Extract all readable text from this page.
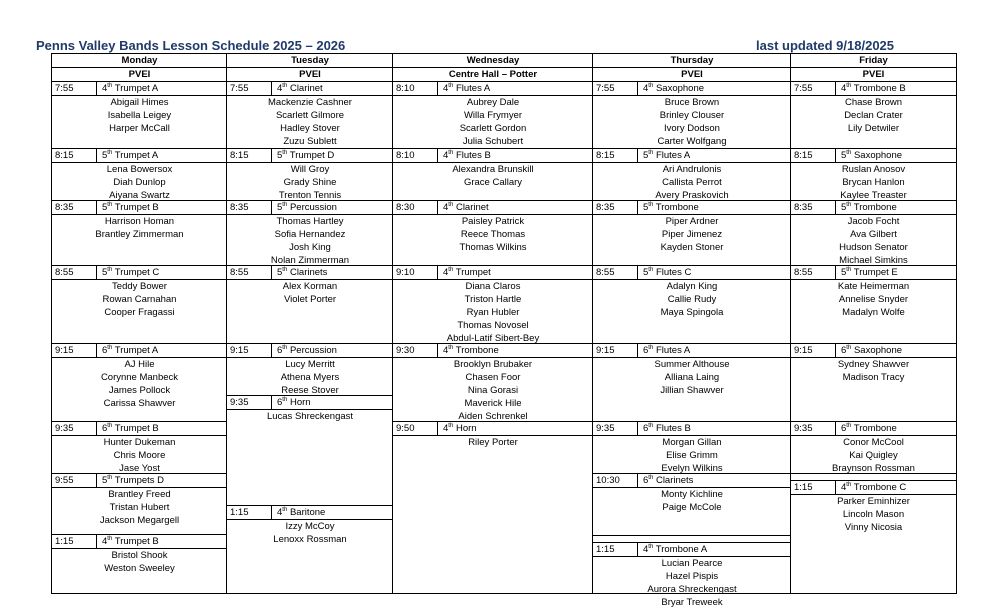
Penns Valley Bands Lesson Schedule 2025 – 2026	last updated 9/18/2025
Monday
PVEI
7:55	4th Trumpet A
Abigail Himes
Isabella Leigey
Harper McCall
8:15	5th Trumpet A
Lena Bowersox
Diah Dunlop
Aiyana Swartz
8:35	5th Trumpet B
Harrison Homan
Brantley Zimmerman
8:55	5th Trumpet C
Teddy Bower
Rowan Carnahan
Cooper Fragassi
9:15	6th Trumpet A
AJ Hile
Corynne Manbeck
James Pollock
Carissa Shawver
9:35	6th Trumpet B
Hunter Dukeman
Chris Moore
Jase Yost
9:55	5th Trumpets D
Brantley Freed
Tristan Hubert
Jackson Megargell
1:15	4th Trumpet B
Bristol Shook
Weston Sweeley
Tuesday
PVEI
7:55	4th Clarinet
Mackenzie Cashner
Scarlett Gilmore
Hadley Stover
Zuzu Sublett
8:15	5th Trumpet D
Will Groy
Grady Shine
Trenton Tennis
8:35	5th Percussion
Thomas Hartley
Sofia Hernandez
Josh King
Nolan Zimmerman
8:55	5th Clarinets
Alex Korman
Violet Porter
9:15	6th Percussion
Lucy Merritt
Athena Myers
Reese Stover
9:35	6th Horn
Lucas Shreckengast
1:15	4th Baritone
Izzy McCoy
Lenoxx Rossman
Wednesday
Centre Hall – Potter
8:10	4th Flutes A
Aubrey Dale
Willa Frymyer
Scarlett Gordon
Julia Schubert
8:10	4th Flutes B
Alexandra Brunskill
Grace Callary
8:30	4th Clarinet
Paisley Patrick
Reece Thomas
Thomas Wilkins
9:10	4th Trumpet
Diana Claros
Triston Hartle
Ryan Hubler
Thomas Novosel
Abdul-Latif Sibert-Bey
9:30	4th Trombone
Brooklyn Brubaker
Chasen Foor
Nina Gorasi
Maverick Hile
Aiden Schrenkel
9:50	4th Horn
Riley Porter
Thursday
PVEI
7:55	4th Saxophone
Bruce Brown
Brinley Clouser
Ivory Dodson
Carter Wolfgang
8:15	5th Flutes A
Ari Andrulonis
Callista Perrot
Avery Praskovich
8:35	5th Trombone
Piper Ardner
Piper Jimenez
Kayden Stoner
8:55	5th Flutes C
Adalyn King
Callie Rudy
Maya Spingola
9:15	6th Flutes A
Summer Althouse
Alliana Laing
Jillian Shawver
9:35	6th Flutes B
Morgan Gillan
Elise Grimm
Evelyn Wilkins
10:30 6th Clarinets
Monty Kichline
Paige McCole
1:15	4th Trombone A
Lucian Pearce
Hazel Pispis
Aurora Shreckengast
Bryar Treweek
Friday
PVEI
7:55	4th Trombone B
Chase Brown
Declan Crater
Lily Detwiler
8:15	5th Saxophone
Ruslan Anosov
Brycan Hanlon
Kaylee Treaster
8:35	5th Trombone
Jacob Focht
Ava Gilbert
Hudson Senator
Michael Simkins
8:55	5th Trumpet E
Kate Heimerman
Annelise Snyder
Madalyn Wolfe
9:15	6th Saxophone
Sydney Shawver
Madison Tracy
9:35	6th Trombone
Conor McCool
Kai Quigley
Braynson Rossman
1:15	4th Trombone C
Parker Eminhizer
Lincoln Mason
Vinny Nicosia
